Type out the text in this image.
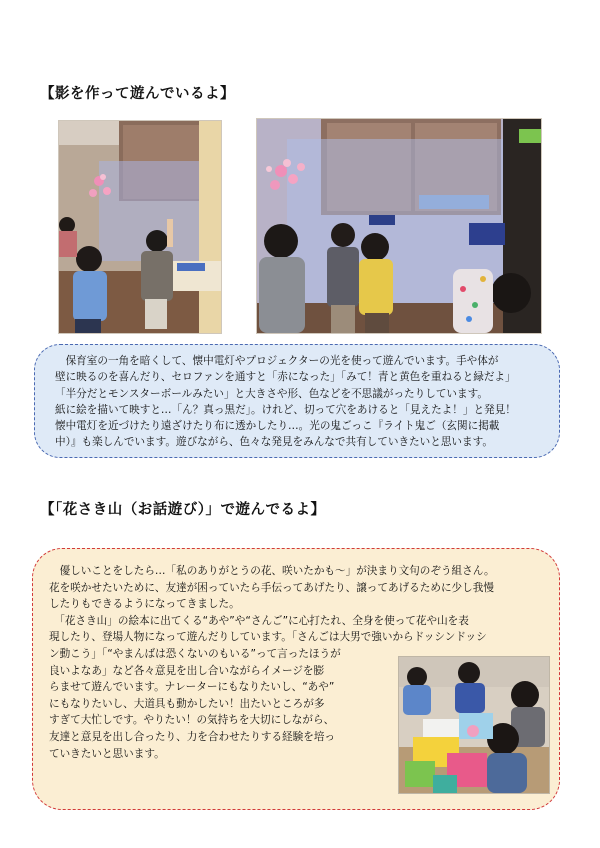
【影を作って遊んでいるよ】

　保育室の一角を暗くして、懐中電灯やプロジェクターの光を使って遊んでいます。手や体が

壁に映るのを喜んだり、セロファンを通すと「赤になった」「みて！青と黄色を重ねると緑だよ」

「半分だとモンスターボールみたい」と大きさや形、色などを不思議がったりしています。

紙に絵を描いて映すと…「ん？真っ黒だ」。けれど、切って穴をあけると「見えたよ！」と発見！

懐中電灯を近づけたり遠ざけたり布に透かしたり…。光の鬼ごっこ『ライト鬼ご（玄関に掲載

中）』も楽しんでいます。遊びながら、色々な発見をみんなで共有していきたいと思います。

【「花さき山（お話遊び）」で遊んでるよ】

　優しいことをしたら…「私のありがとうの花、咲いたかも～」が決まり文句のぞう組さん。

花を咲かせたいために、友達が困っていたら手伝ってあげたり、譲ってあげるために少し我慢

したりもできるようになってきました。

　「花さき山」の絵本に出てくる“あや”や“さんご”に心打たれ、全身を使って花や山を表

現したり、登場人物になって遊んだりしています。「さんごは大男で強いからドッシンドッシ

ン動こう」「“やまんばは恐くないのもいる”って言ったほうが

良いよなあ」など各々意見を出し合いながらイメージを膨

らませて遊んでいます。ナレーターにもなりたいし、“あや”

にもなりたいし、大道具も動かしたい！出たいところが多

すぎて大忙しです。やりたい！の気持ちを大切にしながら、

友達と意見を出し合ったり、力を合わせたりする経験を培っ

ていきたいと思います。
